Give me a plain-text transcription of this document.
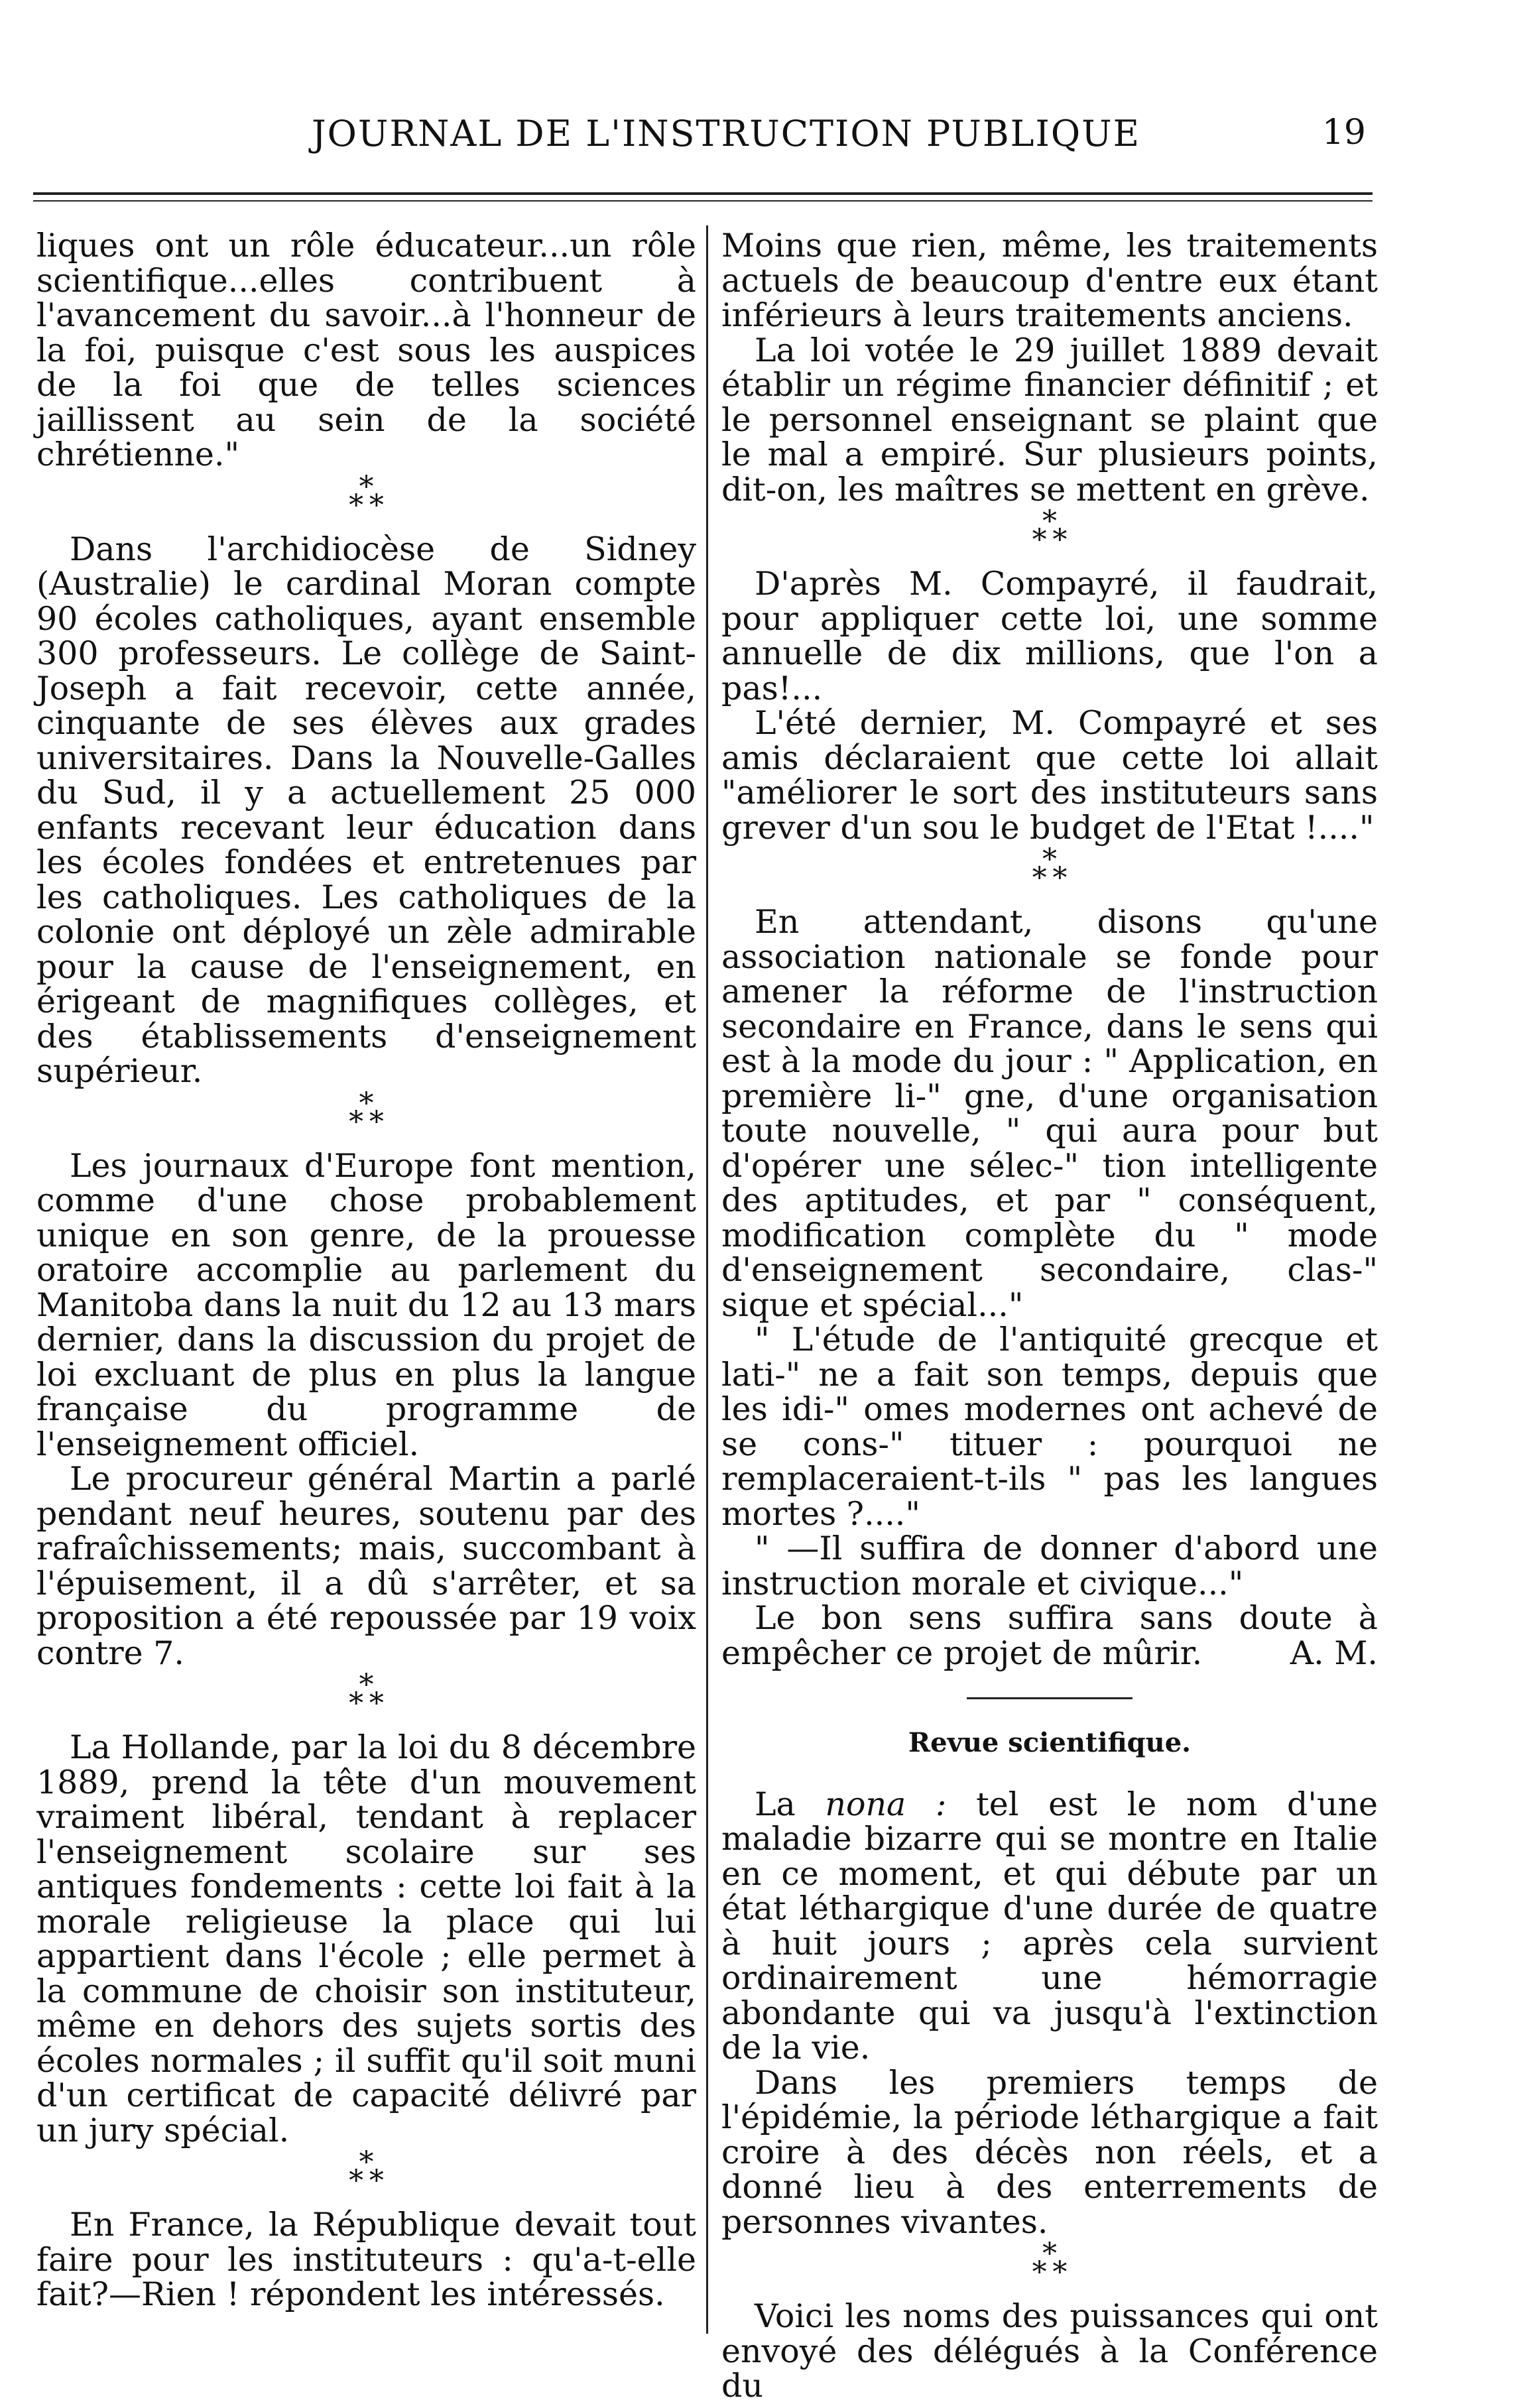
JOURNAL DE L'INSTRUCTION PUBLIQUE	19

liques ont un rôle éducateur...un rôle scientifique...elles contribuent à l'avancement du savoir...à l'honneur de la foi, puisque c'est sous les auspices de la foi que de telles sciences jaillissent au sein de la société chrétienne."

*
* *

Dans l'archidiocèse de Sidney (Australie) le cardinal Moran compte 90 écoles catholiques, ayant ensemble 300 professeurs. Le collège de Saint-Joseph a fait recevoir, cette année, cinquante de ses élèves aux grades universitaires. Dans la Nouvelle-Galles du Sud, il y a actuellement 25 000 enfants recevant leur éducation dans les écoles fondées et entretenues par les catholiques. Les catholiques de la colonie ont déployé un zèle admirable pour la cause de l'enseignement, en érigeant de magnifiques collèges, et des établissements d'enseignement supérieur.

*
* *

Les journaux d'Europe font mention, comme d'une chose probablement unique en son genre, de la prouesse oratoire accomplie au parlement du Manitoba dans la nuit du 12 au 13 mars dernier, dans la discussion du projet de loi excluant de plus en plus la langue française du programme de l'enseignement officiel.

Le procureur général Martin a parlé pendant neuf heures, soutenu par des rafraîchissements; mais, succombant à l'épuisement, il a dû s'arrêter, et sa proposition a été repoussée par 19 voix contre 7.

*
* *

La Hollande, par la loi du 8 décembre 1889, prend la tête d'un mouvement vraiment libéral, tendant à replacer l'enseignement scolaire sur ses antiques fondements : cette loi fait à la morale religieuse la place qui lui appartient dans l'école ; elle permet à la commune de choisir son instituteur, même en dehors des sujets sortis des écoles normales ; il suffit qu'il soit muni d'un certificat de capacité délivré par un jury spécial.

*
* *

En France, la République devait tout faire pour les instituteurs : qu'a-t-elle fait?—Rien ! répondent les intéressés.

Moins que rien, même, les traitements actuels de beaucoup d'entre eux étant inférieurs à leurs traitements anciens.

La loi votée le 29 juillet 1889 devait établir un régime financier définitif ; et le personnel enseignant se plaint que le mal a empiré. Sur plusieurs points, dit-on, les maîtres se mettent en grève.

*
* *

D'après M. Compayré, il faudrait, pour appliquer cette loi, une somme annuelle de dix millions, que l'on a pas!...

L'été dernier, M. Compayré et ses amis déclaraient que cette loi allait "améliorer le sort des instituteurs sans grever d'un sou le budget de l'Etat !...."

*
* *

En attendant, disons qu'une association nationale se fonde pour amener la réforme de l'instruction secondaire en France, dans le sens qui est à la mode du jour : " Application, en première li-" gne, d'une organisation toute nouvelle, " qui aura pour but d'opérer une sélec-" tion intelligente des aptitudes, et par " conséquent, modification complète du " mode d'enseignement secondaire, clas-" sique et spécial..."

" L'étude de l'antiquité grecque et lati-" ne a fait son temps, depuis que les idi-" omes modernes ont achevé de se cons-" tituer : pourquoi ne remplaceraient-t-ils " pas les langues mortes ?...."

" —Il suffira de donner d'abord une instruction morale et civique..."

Le bon sens suffira sans doute à empêcher ce projet de mûrir.	A. M.

Revue scientifique.

La nona : tel est le nom d'une maladie bizarre qui se montre en Italie en ce moment, et qui débute par un état léthargique d'une durée de quatre à huit jours ; après cela survient ordinairement une hémorragie abondante qui va jusqu'à l'extinction de la vie.

Dans les premiers temps de l'épidémie, la période léthargique a fait croire à des décès non réels, et a donné lieu à des enterrements de personnes vivantes.

*
* *

Voici les noms des puissances qui ont envoyé des délégués à la Conférence du
